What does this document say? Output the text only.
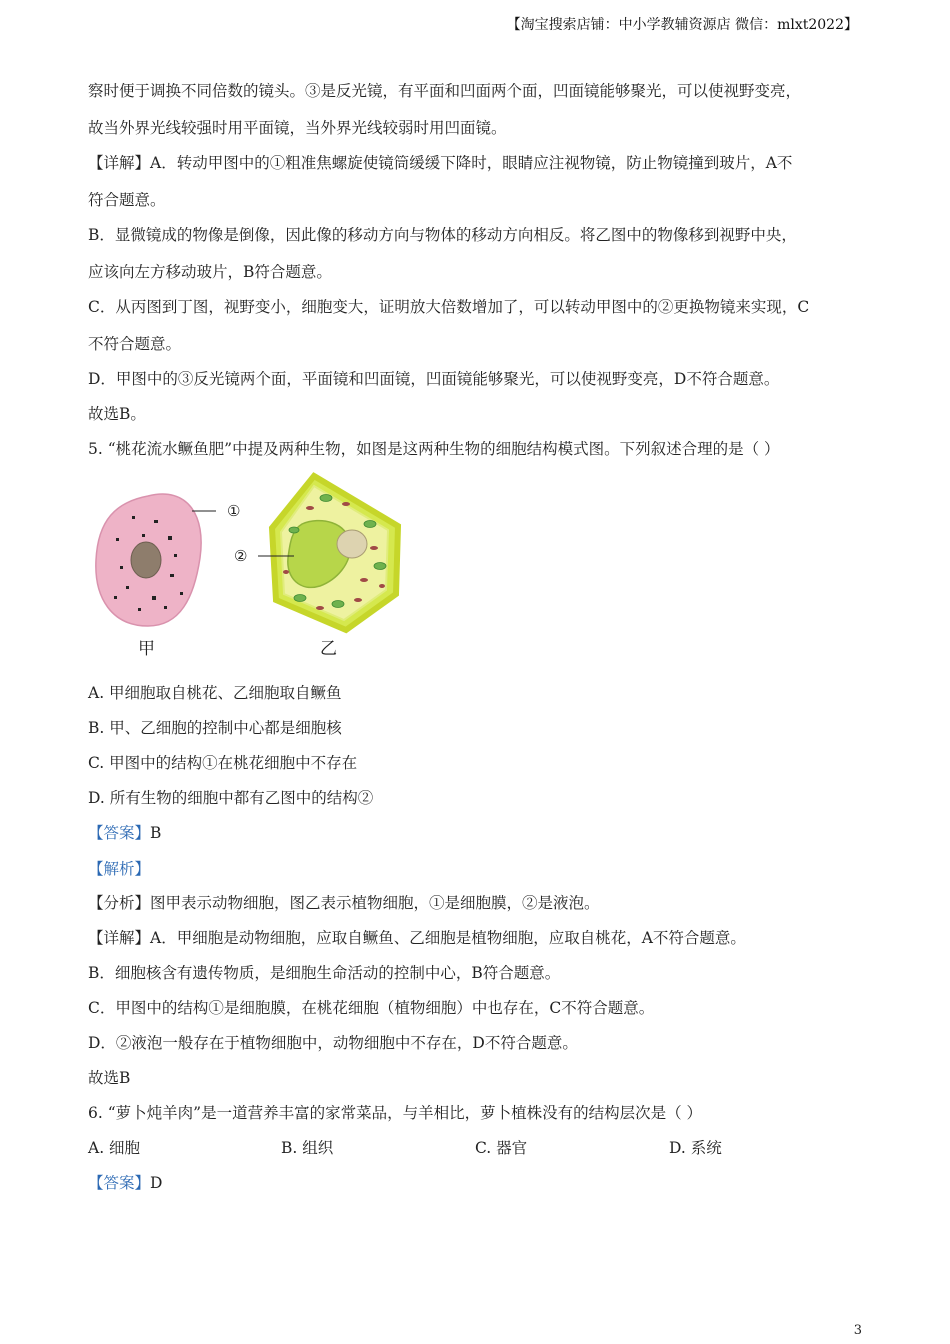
【淘宝搜索店铺：中小学教辅资源店 微信：mlxt2022】
察时便于调换不同倍数的镜头。③是反光镜，有平面和凹面两个面，凹面镜能够聚光，可以使视野变亮，
故当外界光线较强时用平面镜，当外界光线较弱时用凹面镜。
【详解】A．转动甲图中的①粗准焦螺旋使镜筒缓缓下降时，眼睛应注视物镜，防止物镜撞到玻片，A不
符合题意。
B．显微镜成的物像是倒像，因此像的移动方向与物体的移动方向相反。将乙图中的物像移到视野中央，
应该向左方移动玻片，B符合题意。
C．从丙图到丁图，视野变小，细胞变大，证明放大倍数增加了，可以转动甲图中的②更换物镜来实现，C
不符合题意。
D．甲图中的③反光镜两个面，平面镜和凹面镜，凹面镜能够聚光，可以使视野变亮，D不符合题意。
故选B。
5. “桃花流水鳜鱼肥”中提及两种生物，如图是这两种生物的细胞结构模式图。下列叙述合理的是（ ）
①
甲
②
乙
A. 甲细胞取自桃花、乙细胞取自鳜鱼
B. 甲、乙细胞的控制中心都是细胞核
C. 甲图中的结构①在桃花细胞中不存在
D. 所有生物的细胞中都有乙图中的结构②
【答案】B
【解析】
【分析】图甲表示动物细胞，图乙表示植物细胞，①是细胞膜，②是液泡。
【详解】A．甲细胞是动物细胞，应取自鳜鱼、乙细胞是植物细胞，应取自桃花，A不符合题意。
B．细胞核含有遗传物质，是细胞生命活动的控制中心，B符合题意。
C．甲图中的结构①是细胞膜，在桃花细胞（植物细胞）中也存在，C不符合题意。
D．②液泡一般存在于植物细胞中，动物细胞中不存在，D不符合题意。
故选B
6. “萝卜炖羊肉”是一道营养丰富的家常菜品，与羊相比，萝卜植株没有的结构层次是（ ）
A. 细胞	B. 组织	C. 器官	D. 系统
【答案】D
3
